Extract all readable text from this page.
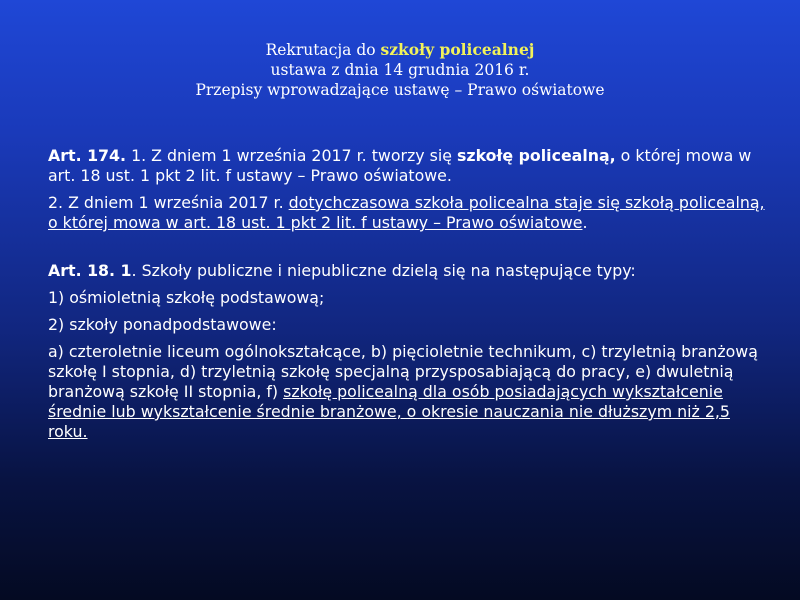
Rekrutacja do szkoły policealnej
ustawa z dnia 14 grudnia 2016 r.
Przepisy wprowadzające ustawę – Prawo oświatowe

Art. 174. 1. Z dniem 1 września 2017 r. tworzy się szkołę policealną, o której mowa w art. 18 ust. 1 pkt 2 lit. f ustawy – Prawo oświatowe.

2. Z dniem 1 września 2017 r. dotychczasowa szkoła policealna staje się szkołą policealną, o której mowa w art. 18 ust. 1 pkt 2 lit. f ustawy – Prawo oświatowe.

Art. 18. 1. Szkoły publiczne i niepubliczne dzielą się na następujące typy:

1) ośmioletnią szkołę podstawową;

2) szkoły ponadpodstawowe:

a) czteroletnie liceum ogólnokształcące, b) pięcioletnie technikum, c) trzyletnią branżową szkołę I stopnia, d) trzyletnią szkołę specjalną przysposabiającą do pracy, e) dwuletnią branżową szkołę II stopnia, f) szkołę policealną dla osób posiadających wykształcenie średnie lub wykształcenie średnie branżowe, o okresie nauczania nie dłuższym niż 2,5 roku.
